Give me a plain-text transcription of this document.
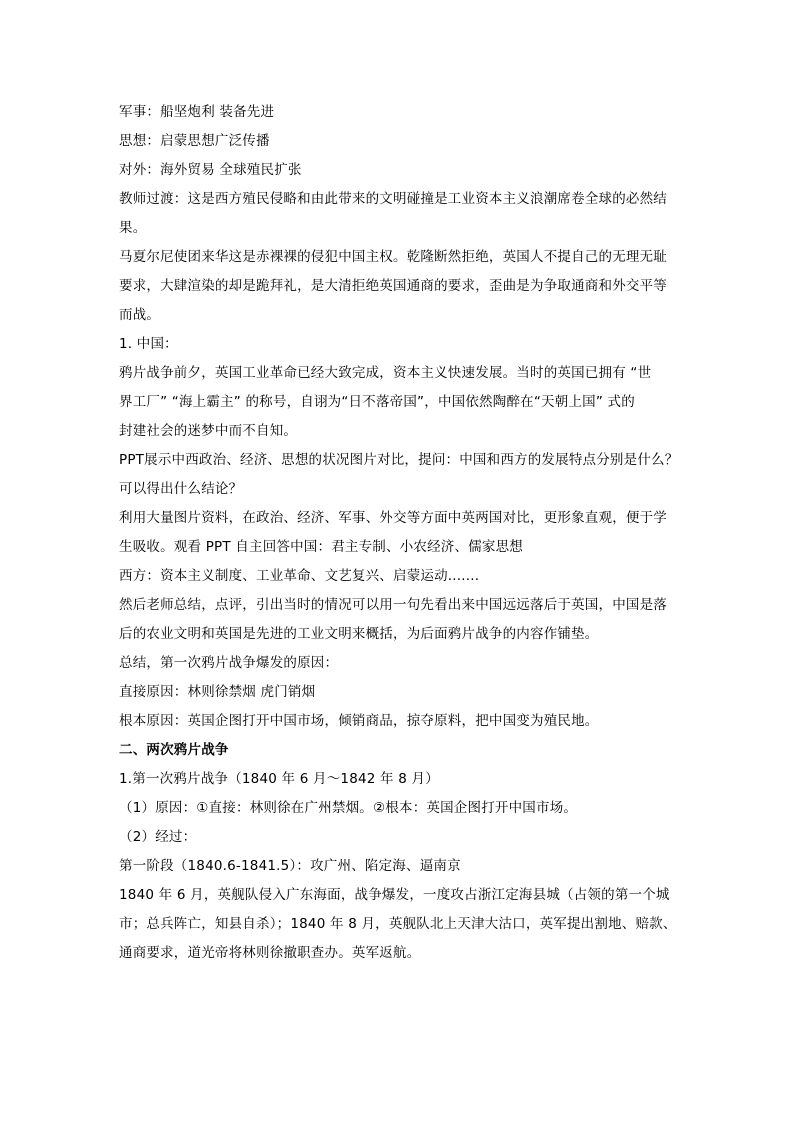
军事：船坚炮利 装备先进
思想：启蒙思想广泛传播
对外：海外贸易 全球殖民扩张
教师过渡：这是西方殖民侵略和由此带来的文明碰撞是工业资本主义浪潮席卷全球的必然结
果。
马夏尔尼使团来华这是赤裸裸的侵犯中国主权。乾隆断然拒绝，英国人不提自己的无理无耻
要求，大肆渲染的却是跪拜礼，是大清拒绝英国通商的要求，歪曲是为争取通商和外交平等
而战。
1. 中国：
鸦片战争前夕，英国工业革命已经大致完成，资本主义快速发展。当时的英国已拥有 “世
界工厂” “海上霸主” 的称号，自诩为“日不落帝国”，中国依然陶醉在“天朝上国” 式的
封建社会的迷梦中而不自知。
PPT展示中西政治、经济、思想的状况图片对比，提问：中国和西方的发展特点分别是什么？
可以得出什么结论？
利用大量图片资料，在政治、经济、军事、外交等方面中英两国对比，更形象直观，便于学
生吸收。观看 PPT 自主回答中国：君主专制、小农经济、儒家思想
西方：资本主义制度、工业革命、文艺复兴、启蒙运动.......
然后老师总结，点评，引出当时的情况可以用一句先看出来中国远远落后于英国，中国是落
后的农业文明和英国是先进的工业文明来概括，为后面鸦片战争的内容作铺垫。
总结，第一次鸦片战争爆发的原因：
直接原因：林则徐禁烟 虎门销烟
根本原因：英国企图打开中国市场，倾销商品，掠夺原料，把中国变为殖民地。
二、两次鸦片战争
1.第一次鸦片战争（1840 年 6 月～1842 年 8 月）
（1）原因：①直接：林则徐在广州禁烟。②根本：英国企图打开中国市场。
（2）经过：
第一阶段（1840.6-1841.5）：攻广州、陷定海、逼南京
1840 年 6 月，英舰队侵入广东海面，战争爆发，一度攻占浙江定海县城（占领的第一个城
市；总兵阵亡，知县自杀）；1840 年 8 月，英舰队北上天津大沽口，英军提出割地、赔款、
通商要求，道光帝将林则徐撤职查办。英军返航。
